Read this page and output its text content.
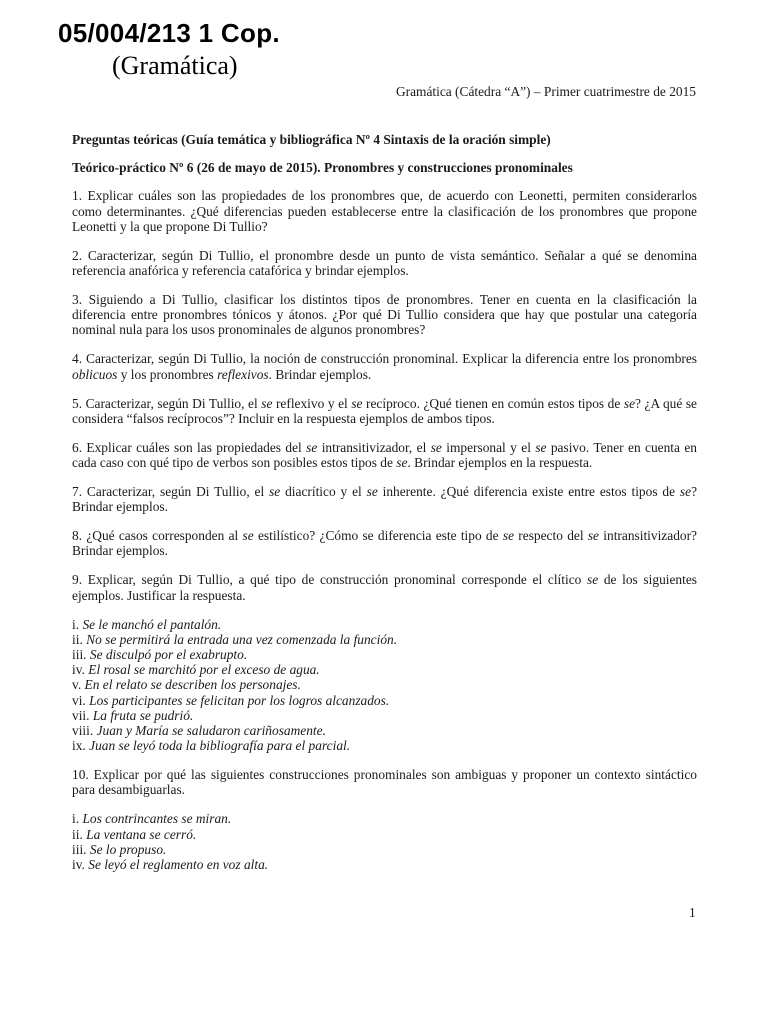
05/004/213 1 Cop.
(Gramática)
Gramática (Cátedra “A”) – Primer cuatrimestre de 2015

Preguntas teóricas (Guía temática y bibliográfica Nº 4 Sintaxis de la oración simple)

Teórico-práctico Nº 6 (26 de mayo de 2015). Pronombres y construcciones pronominales

1. Explicar cuáles son las propiedades de los pronombres que, de acuerdo con Leonetti, permiten considerarlos como determinantes. ¿Qué diferencias pueden establecerse entre la clasificación de los pronombres que propone Leonetti y la que propone Di Tullio?

2. Caracterizar, según Di Tullio, el pronombre desde un punto de vista semántico. Señalar a qué se denomina referencia anafórica y referencia catafórica y brindar ejemplos.

3. Siguiendo a Di Tullio, clasificar los distintos tipos de pronombres. Tener en cuenta en la clasificación la diferencia entre pronombres tónicos y átonos. ¿Por qué Di Tullio considera que hay que postular una categoría nominal nula para los usos pronominales de algunos pronombres?

4. Caracterizar, según Di Tullio, la noción de construcción pronominal. Explicar la diferencia entre los pronombres oblicuos y los pronombres reflexivos. Brindar ejemplos.

5. Caracterizar, según Di Tullio, el se reflexivo y el se recíproco. ¿Qué tienen en común estos tipos de se? ¿A qué se considera “falsos recíprocos”? Incluir en la respuesta ejemplos de ambos tipos.

6. Explicar cuáles son las propiedades del se intransitivizador, el se impersonal y el se pasivo. Tener en cuenta en cada caso con qué tipo de verbos son posibles estos tipos de se. Brindar ejemplos en la respuesta.

7. Caracterizar, según Di Tullio, el se diacrítico y el se inherente. ¿Qué diferencia existe entre estos tipos de se? Brindar ejemplos.

8. ¿Qué casos corresponden al se estilístico? ¿Cómo se diferencia este tipo de se respecto del se intransitivizador? Brindar ejemplos.

9. Explicar, según Di Tullio, a qué tipo de construcción pronominal corresponde el clítico se de los siguientes ejemplos. Justificar la respuesta.

i. Se le manchó el pantalón.
ii. No se permitirá la entrada una vez comenzada la función.
iii. Se disculpó por el exabrupto.
iv. El rosal se marchitó por el exceso de agua.
v. En el relato se describen los personajes.
vi. Los participantes se felicitan por los logros alcanzados.
vii. La fruta se pudrió.
viii. Juan y María se saludaron cariñosamente.
ix. Juan se leyó toda la bibliografía para el parcial.

10. Explicar por qué las siguientes construcciones pronominales son ambiguas y proponer un contexto sintáctico para desambiguarlas.

i. Los contrincantes se miran.
ii. La ventana se cerró.
iii. Se lo propuso.
iv. Se leyó el reglamento en voz alta.
1
